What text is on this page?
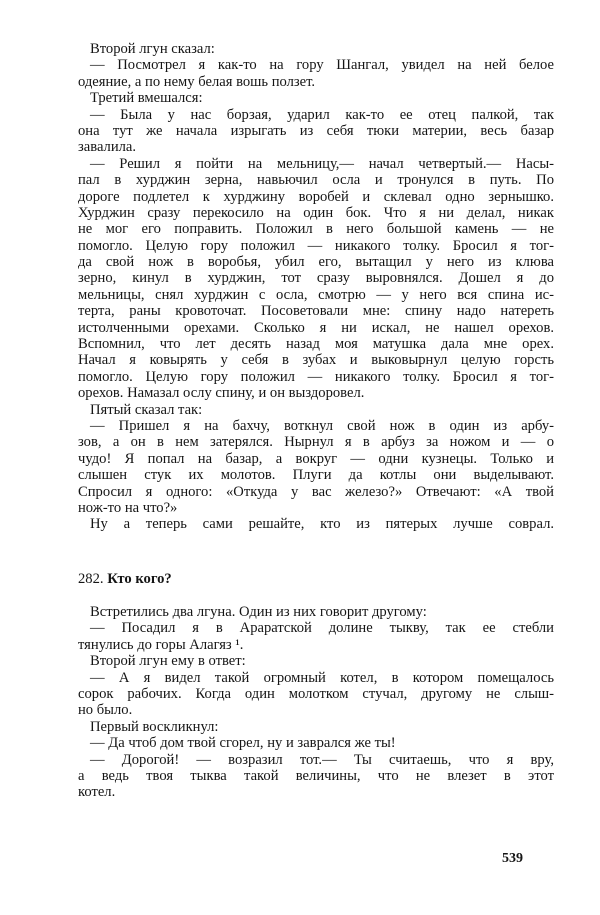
Второй лгун сказал:
— Посмотрел я как-то на гору Шангал, увидел на ней белое
одеяние, а по нему белая вошь ползет.
Третий вмешался:
— Была у нас борзая, ударил как-то ее отец палкой, так
она тут же начала изрыгать из себя тюки материи, весь базар
завалила.
— Решил я пойти на мельницу,— начал четвертый.— Насы-
пал в хурджин зерна, навьючил осла и тронулся в путь. По
дороге подлетел к хурджину воробей и склевал одно зернышко.
Хурджин сразу перекосило на один бок. Что я ни делал, никак
не мог его поправить. Положил в него большой камень — не
помогло. Целую гору положил — никакого толку. Бросил я тог-
да свой нож в воробья, убил его, вытащил у него из клюва
зерно, кинул в хурджин, тот сразу выровнялся. Дошел я до
мельницы, снял хурджин с осла, смотрю — у него вся спина ис-
терта, раны кровоточат. Посоветовали мне: спину надо натереть
истолченными орехами. Сколько я ни искал, не нашел орехов.
Вспомнил, что лет десять назад моя матушка дала мне орех.
Начал я ковырять у себя в зубах и выковырнул целую горсть
помогло. Целую гору положил — никакого толку. Бросил я тог-
орехов. Намазал ослу спину, и он выздоровел.
Пятый сказал так:
— Пришел я на бахчу, воткнул свой нож в один из арбу-
зов, а он в нем затерялся. Нырнул я в арбуз за ножом и — о
чудо! Я попал на базар, а вокруг — одни кузнецы. Только и
слышен стук их молотов. Плуги да котлы они выделывают.
Спросил я одного: «Откуда у вас железо?» Отвечают: «А твой
нож-то на что?»
Ну а теперь сами решайте, кто из пятерых лучше соврал.
282. Кто кого?
Встретились два лгуна. Один из них говорит другому:
— Посадил я в Араратской долине тыкву, так ее стебли
тянулись до горы Алагяз ¹.
Второй лгун ему в ответ:
— А я видел такой огромный котел, в котором помещалось
сорок рабочих. Когда один молотком стучал, другому не слыш-
но было.
Первый воскликнул:
— Да чтоб дом твой сгорел, ну и заврался же ты!
— Дорогой! — возразил тот.— Ты считаешь, что я вру,
а ведь твоя тыква такой величины, что не влезет в этот
котел.
539
